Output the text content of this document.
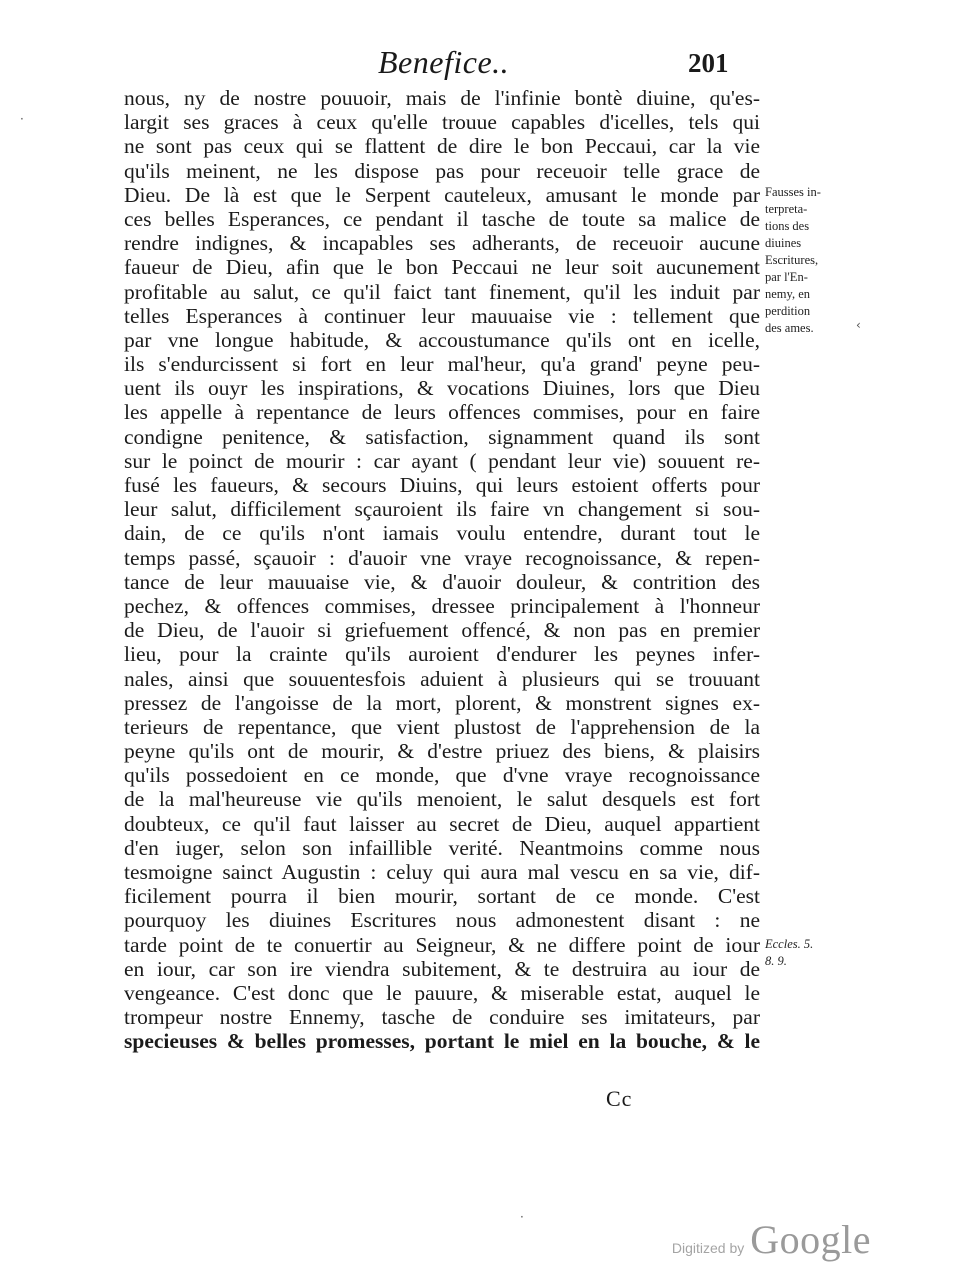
Benefice..	201
nous, ny de nostre pouuoir, mais de l'infinie bontè diuine, qu'es-
largit ses graces à ceux qu'elle trouue capables d'icelles, tels qui
ne sont pas ceux qui se flattent de dire le bon Peccaui, car la vie
qu'ils meinent, ne les dispose pas pour receuoir telle grace de
Dieu. De là est que le Serpent cauteleux, amusant le monde par
ces belles Esperances, ce pendant il tasche de toute sa malice de
rendre indignes, & incapables ses adherants, de receuoir aucune
faueur de Dieu, afin que le bon Peccaui ne leur soit aucunement
profitable au salut, ce qu'il faict tant finement, qu'il les induit par
telles Esperances à continuer leur mauuaise vie : tellement que
par vne longue habitude, & accoustumance qu'ils ont en icelle,
ils s'endurcissent si fort en leur mal'heur, qu'a grand' peyne peu-
uent ils ouyr les inspirations, & vocations Diuines, lors que Dieu
les appelle à repentance de leurs offences commises, pour en faire
condigne penitence, & satisfaction, signamment quand ils sont
sur le poinct de mourir : car ayant ( pendant leur vie) souuent re-
fusé les faueurs, & secours Diuins, qui leurs estoient offerts pour
leur salut, difficilement sçauroient ils faire vn changement si sou-
dain, de ce qu'ils n'ont iamais voulu entendre, durant tout le
temps passé, sçauoir : d'auoir vne vraye recognoissance, & repen-
tance de leur mauuaise vie, & d'auoir douleur, & contrition des
pechez, & offences commises, dressee principalement à l'honneur
de Dieu, de l'auoir si griefuement offencé, & non pas en premier
lieu, pour la crainte qu'ils auroient d'endurer les peynes infer-
nales, ainsi que souuentesfois aduient à plusieurs qui se trouuant
pressez de l'angoisse de la mort, plorent, & monstrent signes ex-
terieurs de repentance, que vient plustost de l'apprehension de la
peyne qu'ils ont de mourir, & d'estre priuez des biens, & plaisirs
qu'ils possedoient en ce monde, que d'vne vraye recognoissance
de la mal'heureuse vie qu'ils menoient, le salut desquels est fort
doubteux, ce qu'il faut laisser au secret de Dieu, auquel appartient
d'en iuger, selon son infaillible verité. Neantmoins comme nous
tesmoigne sainct Augustin : celuy qui aura mal vescu en sa vie, dif-
ficilement pourra il bien mourir, sortant de ce monde. C'est
pourquoy les diuines Escritures nous admonestent disant : ne
tarde point de te conuertir au Seigneur, & ne differe point de iour
en iour, car son ire viendra subitement, & te destruira au iour de
vengeance. C'est donc que le pauure, & miserable estat, auquel le
trompeur nostre Ennemy, tasche de conduire ses imitateurs, par
specieuses & belles promesses, portant le miel en la bouche, & le
Fausses in-
terpreta-
tions des
diuines
Escritures,
par l'En-
nemy, en
perdition
des ames.
Eccles. 5.
8. 9.
Cc
·
‹
·
Digitized by Google
